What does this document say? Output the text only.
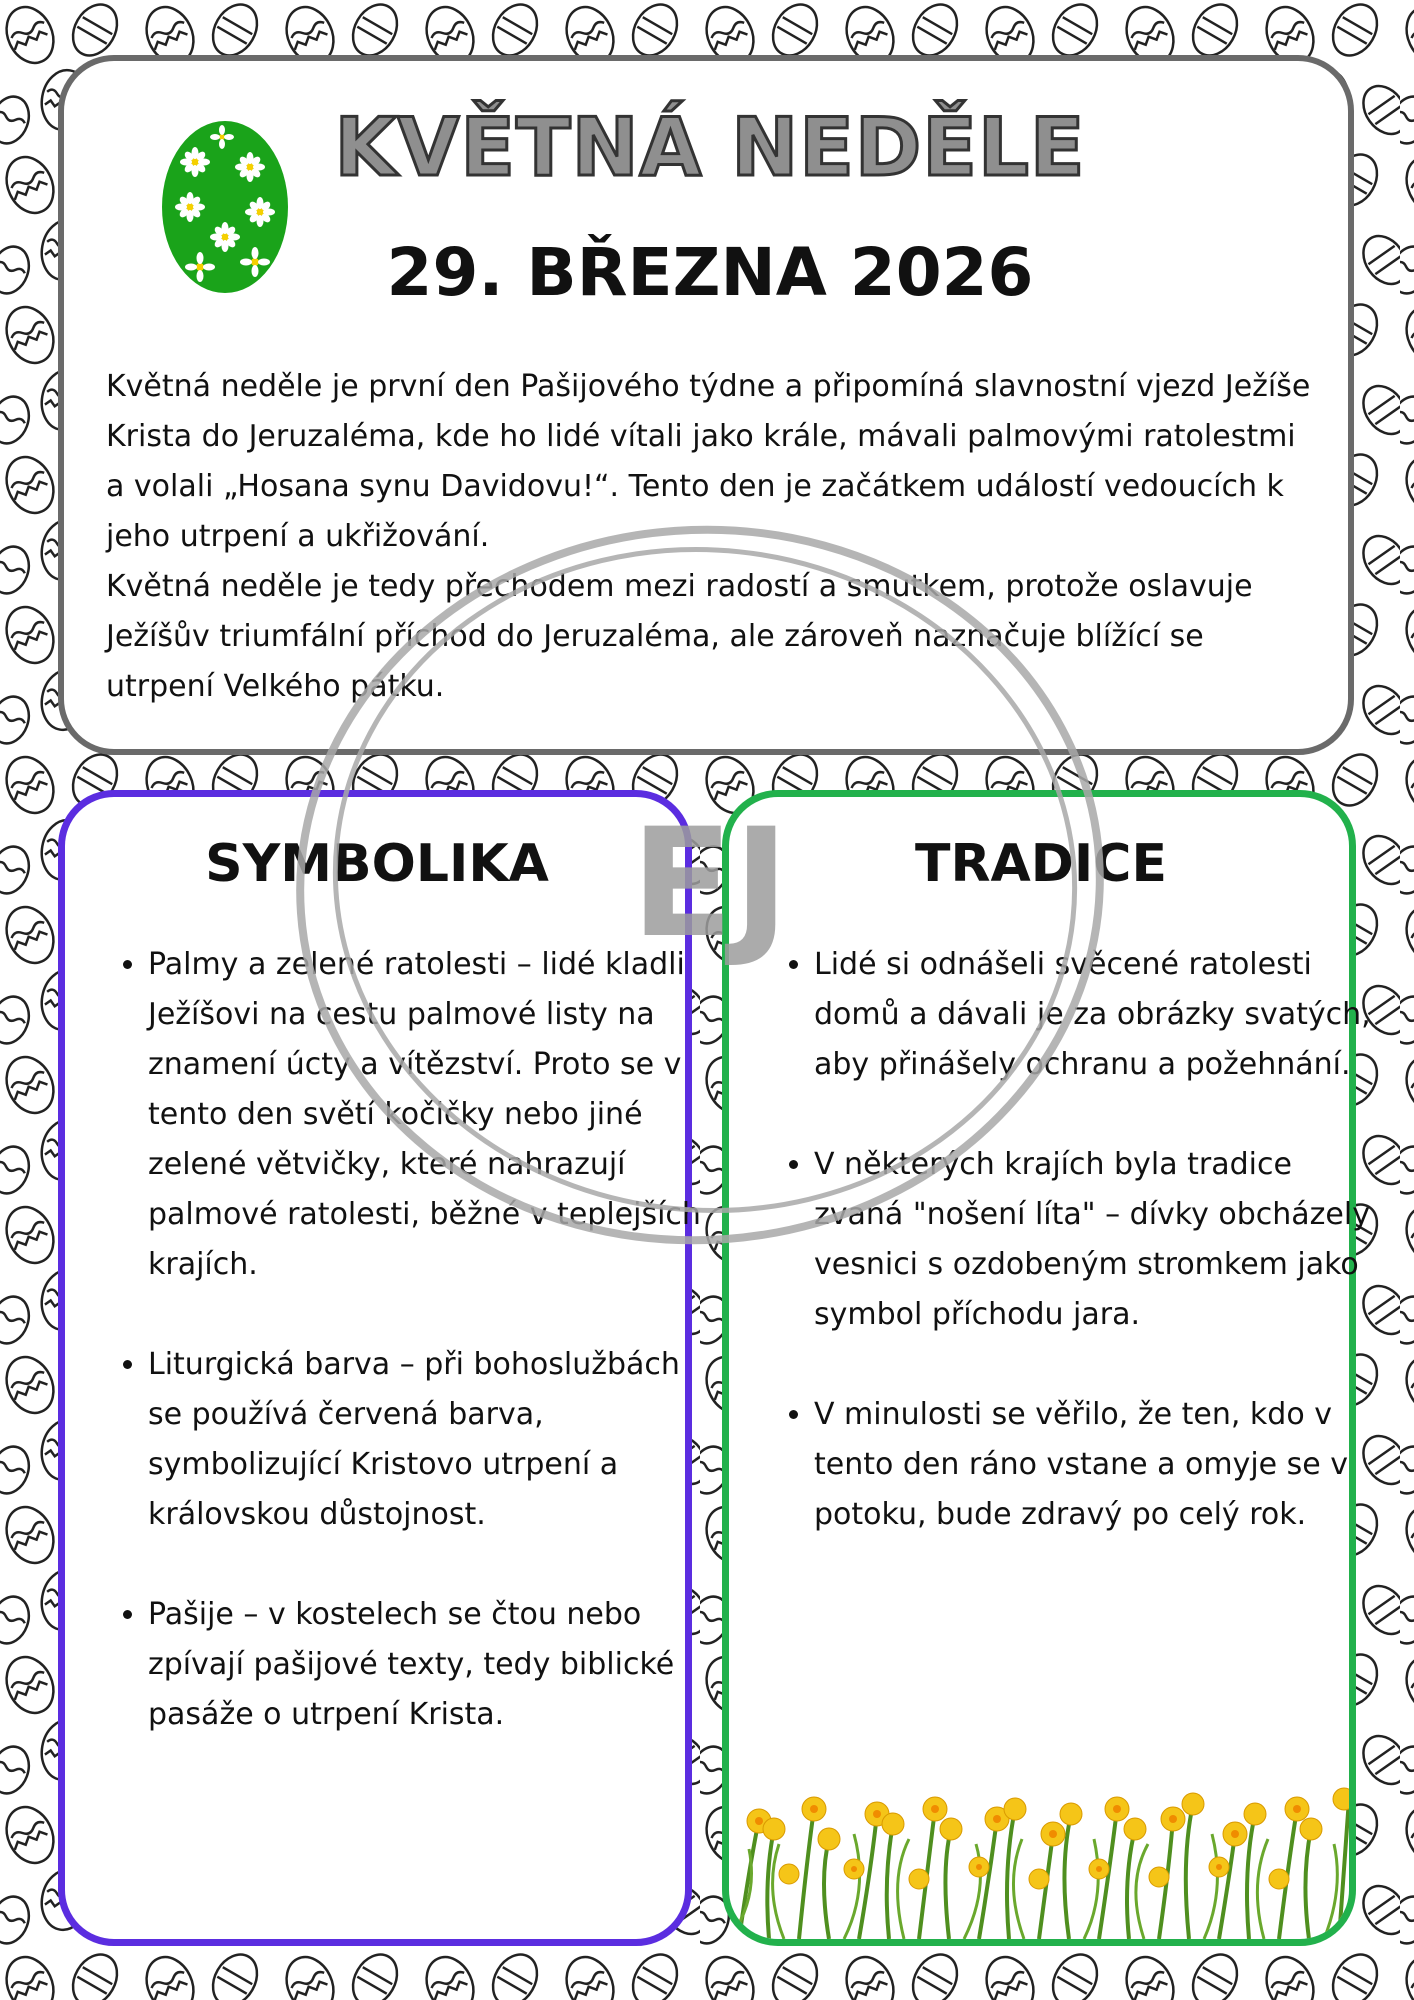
KVĚTNÁ NEDĚLE
29. BŘEZNA 2026

Květná neděle je první den Pašijového týdne a připomíná slavnostní vjezd Ježíše Krista do Jeruzaléma, kde ho lidé vítali jako krále, mávali palmovými ratolestmi a volali „Hosana synu Davidovu!“. Tento den je začátkem událostí vedoucích k jeho utrpení a ukřižování.

Květná neděle je tedy přechodem mezi radostí a smutkem, protože oslavuje Ježíšův triumfální příchod do Jeruzaléma, ale zároveň naznačuje blížící se utrpení Velkého pátku.

SYMBOLIKA
• Palmy a zelené ratolesti – lidé kladli Ježíšovi na cestu palmové listy na znamení úcty a vítězství. Proto se v tento den světí kočičky nebo jiné zelené větvičky, které nahrazují palmové ratolesti, běžné v teplejších krajích.
• Liturgická barva – při bohoslužbách se používá červená barva, symbolizující Kristovo utrpení a královskou důstojnost.
• Pašije – v kostelech se čtou nebo zpívají pašijové texty, tedy biblické pasáže o utrpení Krista.
TRADICE
• Lidé si odnášeli svěcené ratolesti domů a dávali je za obrázky svatých, aby přinášely ochranu a požehnání.
• V některých krajích byla tradice zvaná "nošení líta" – dívky obcházely vesnici s ozdobeným stromkem jako symbol příchodu jara.
• V minulosti se věřilo, že ten, kdo v tento den ráno vstane a omyje se v potoku, bude zdravý po celý rok.
EJ
